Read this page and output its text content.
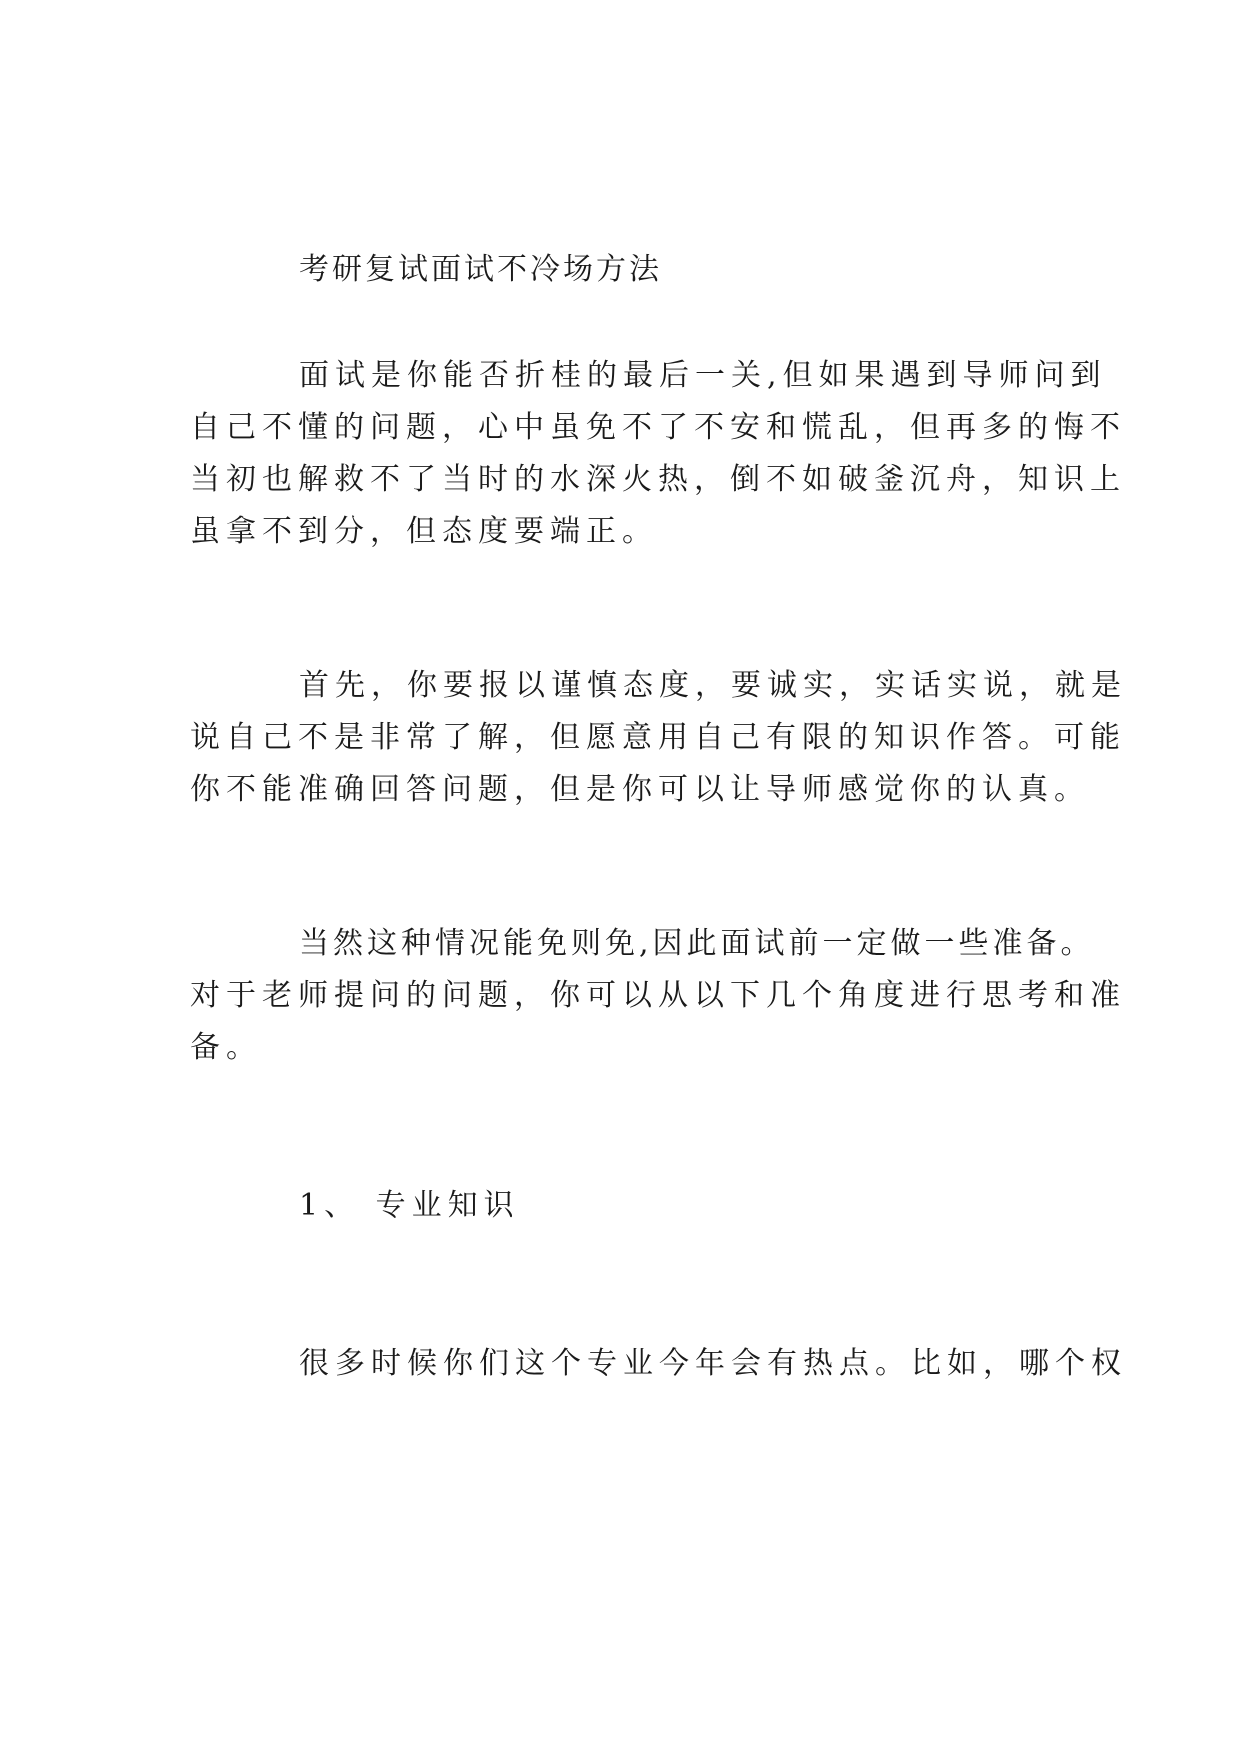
考研复试面试不冷场方法

面试是你能否折桂的最后一关,但如果遇到导师问到

自己不懂的问题，心中虽免不了不安和慌乱，但再多的悔不

当初也解救不了当时的水深火热，倒不如破釜沉舟，知识上

虽拿不到分，但态度要端正。

首先，你要报以谨慎态度，要诚实，实话实说，就是

说自己不是非常了解，但愿意用自己有限的知识作答。可能

你不能准确回答问题，但是你可以让导师感觉你的认真。

当然这种情况能免则免,因此面试前一定做一些准备。

对于老师提问的问题，你可以从以下几个角度进行思考和准

备。

1、 专业知识

很多时候你们这个专业今年会有热点。比如，哪个权
